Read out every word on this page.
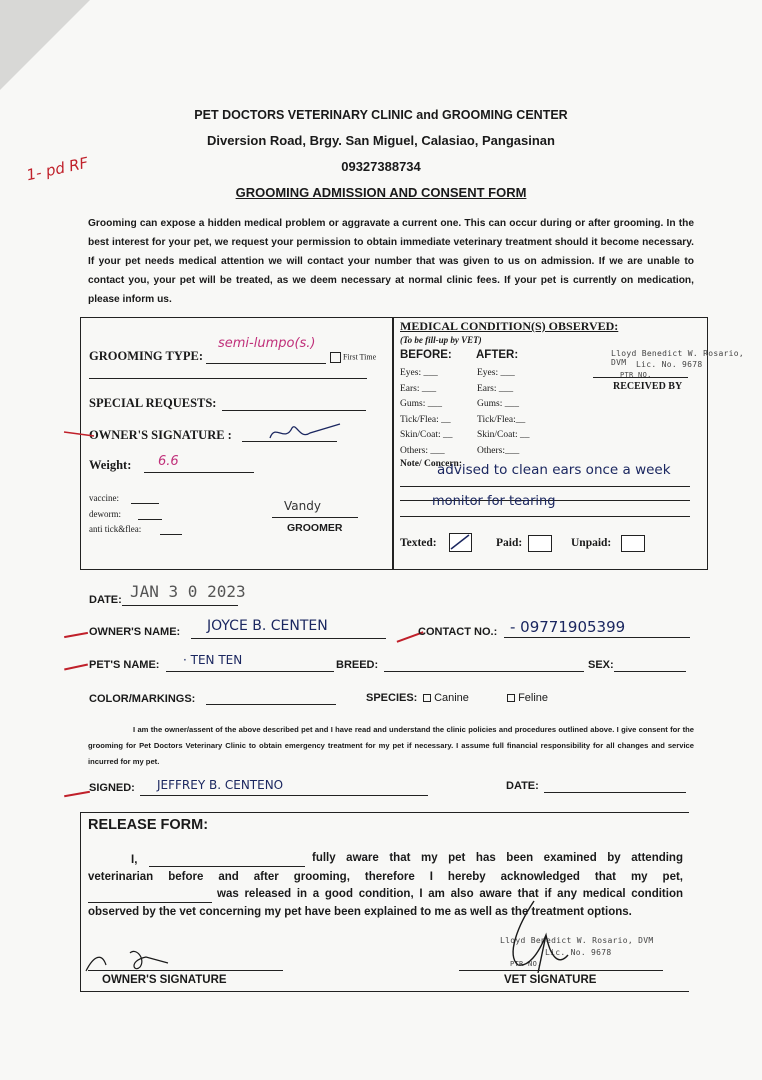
1- pd RF
PET DOCTORS VETERINARY CLINIC and GROOMING CENTER
Diversion Road, Brgy. San Miguel, Calasiao, Pangasinan
09327388734
GROOMING ADMISSION AND CONSENT FORM
Grooming can expose a hidden medical problem or aggravate a current one. This can occur during or after grooming. In the best interest for your pet, we request your permission to obtain immediate veterinary treatment should it become necessary. If your pet needs medical attention we will contact your number that was given to us on admission. If we are unable to contact you, your pet will be treated, as we deem necessary at normal clinic fees. If your pet is currently on medication, please inform us.
GROOMING TYPE:
semi-lumpo(s.)
First Time
SPECIAL REQUESTS:
OWNER'S SIGNATURE :
Weight: 6.6
vaccine:
deworm:
anti tick&flea:
Vandy
GROOMER
MEDICAL CONDITION(S) OBSERVED:
(To be fill-up by VET)
BEFORE: AFTER:
Eyes: ___
Ears: ___
Gums: ___
Tick/Flea: __
Skin/Coat: __
Others: ___
Eyes: ___
Ears: ___
Gums: ___
Tick/Flea:__
Skin/Coat: __
Others:___
Lloyd Benedict W. Rosario, DVM	Lic. No. 9678
PTR NO.
RECEIVED BY
Note/ Concern:
advised to clean ears once a week
monitor for tearing
Texted:	Paid:	Unpaid:
DATE: JAN 3 0 2023
OWNER'S NAME: JOYCE B. CENTEN	CONTACT NO.: - 09771905399
PET'S NAME: · TEN TEN	BREED:	SEX:
COLOR/MARKINGS:	SPECIES:	Canine	Feline
I am the owner/assent of the above described pet and I have read and understand the clinic policies and procedures outlined above. I give consent for the grooming for Pet Doctors Veterinary Clinic to obtain emergency treatment for my pet if necessary. I assume full financial responsibility for all changes and service incurred for my pet.
SIGNED: JEFFREY B. CENTENO	DATE:
RELEASE FORM:
I,	fully aware that my pet has been examined by attending
veterinarian before and after grooming, therefore I hereby acknowledged that my pet,
was released in a good condition, I am also aware that if any medical condition
observed by the vet concerning my pet have been explained to me as well as the treatment options.
Lloyd Benedict W. Rosario, DVM
Lic. No. 9678
PTR NO.
OWNER'S SIGNATURE	VET SIGNATURE
